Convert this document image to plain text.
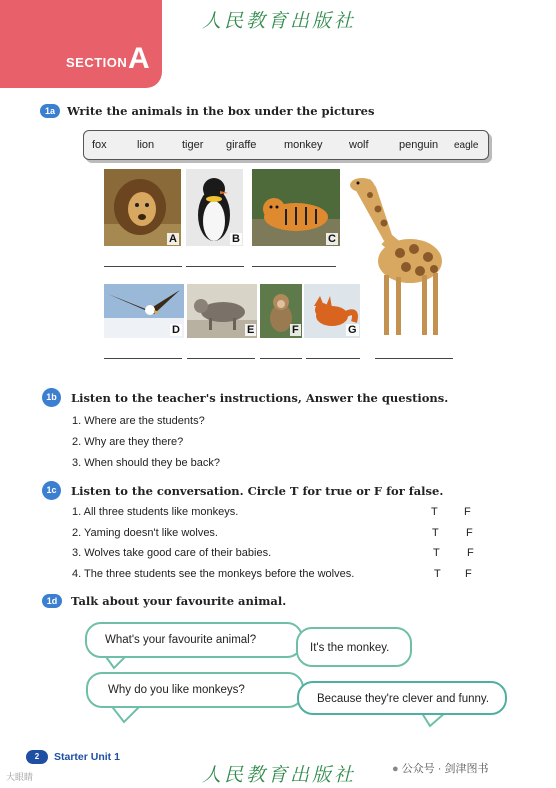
SECTION A
人民教育出版社
1a	Write the animals in the box under the pictures
fox	lion	tiger giraffe	monkey wolf	penguin eagle
A	B	C
D	E	F	G
1b	Listen to the teacher's instructions, Answer the questions.
1. Where are the students?
2. Why are they there?
3. When should they be back?
1c	Listen to the conversation. Circle T for true or F for false.
1. All three students like monkeys.	T F
2. Yaming doesn't like wolves.	T F
3. Wolves take good care of their babies.	T F
4. The three students see the monkeys before the wolves.	T F
1d	Talk about your favourite animal.
What's your favourite animal?
It's the monkey.
Why do you like monkeys?
Because they're clever and funny.
2	Starter Unit 1
人民教育出版社	● 公众号 · 剑津图书
大眼睛
